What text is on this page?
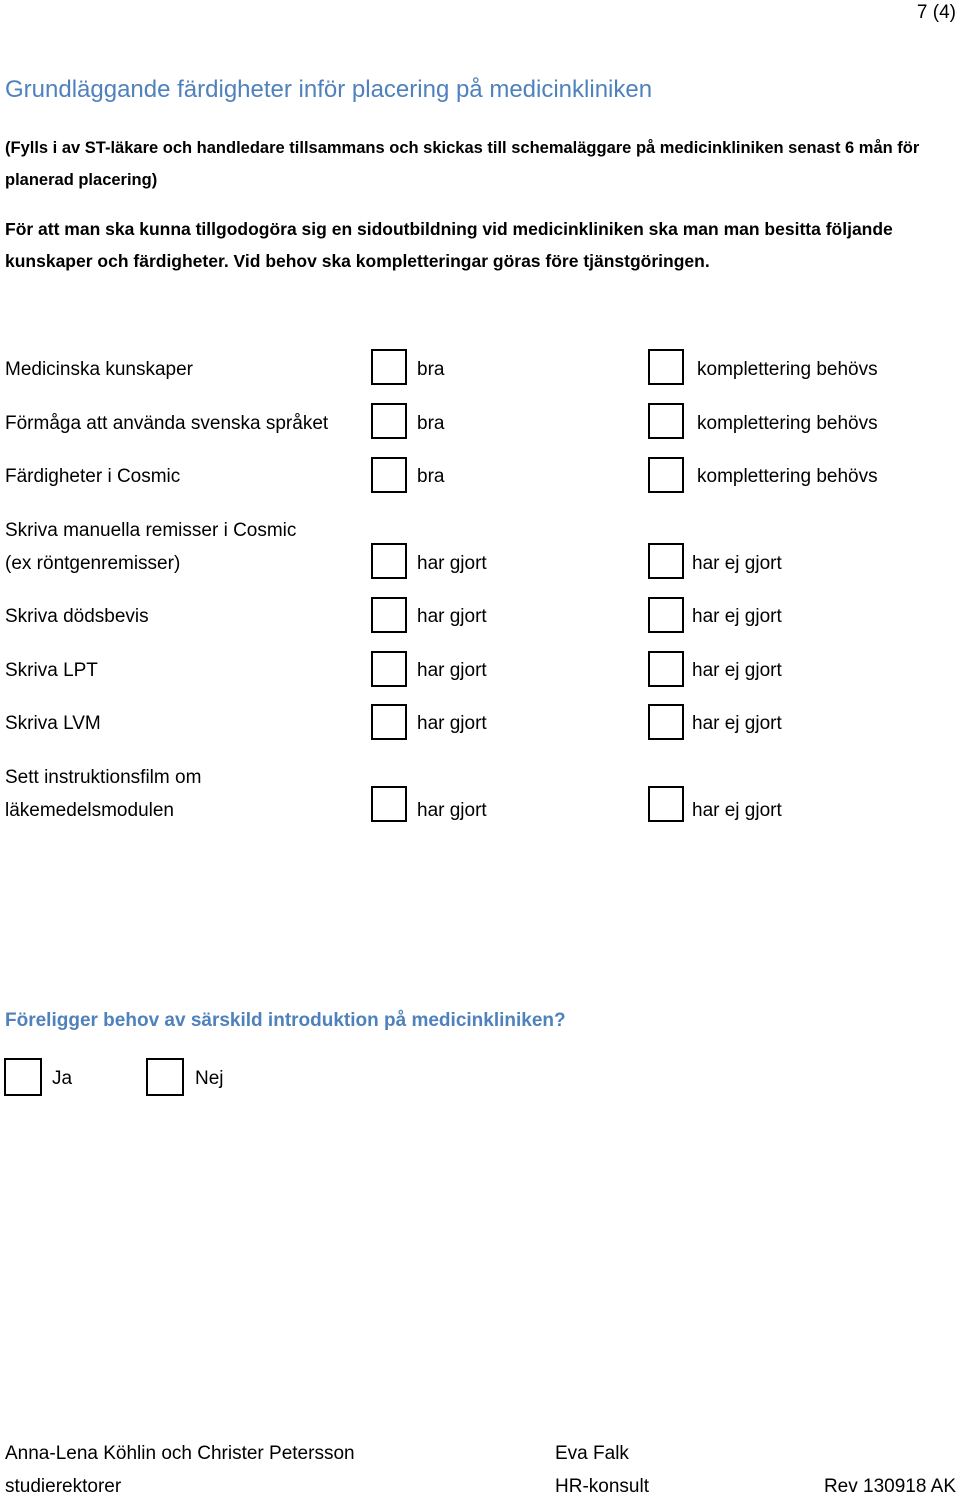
7 (4)
Grundläggande färdigheter inför placering på medicinkliniken
(Fylls i av ST-läkare och handledare tillsammans och skickas till schemaläggare på medicinkliniken senast 6 mån för planerad placering)
För att man ska kunna tillgodogöra sig en sidoutbildning vid medicinkliniken ska man man besitta följande kunskaper och färdigheter. Vid behov ska kompletteringar göras före tjänstgöringen.
Medicinska kunskaper	bra	komplettering behövs
Förmåga att använda svenska språket	bra	komplettering behövs
Färdigheter i Cosmic	bra	komplettering behövs
Skriva manuella remisser i Cosmic
(ex röntgenremisser)	har gjort	har ej gjort
Skriva dödsbevis	har gjort	har ej gjort
Skriva LPT	har gjort	har ej gjort
Skriva LVM	har gjort	har ej gjort
Sett instruktionsfilm om
läkemedelsmodulen	har gjort	har ej gjort
Föreligger behov av särskild introduktion på medicinkliniken?
Ja	Nej
Anna-Lena Köhlin och Christer Petersson
studierektorer
Eva Falk
HR-konsult	Rev 130918 AK
